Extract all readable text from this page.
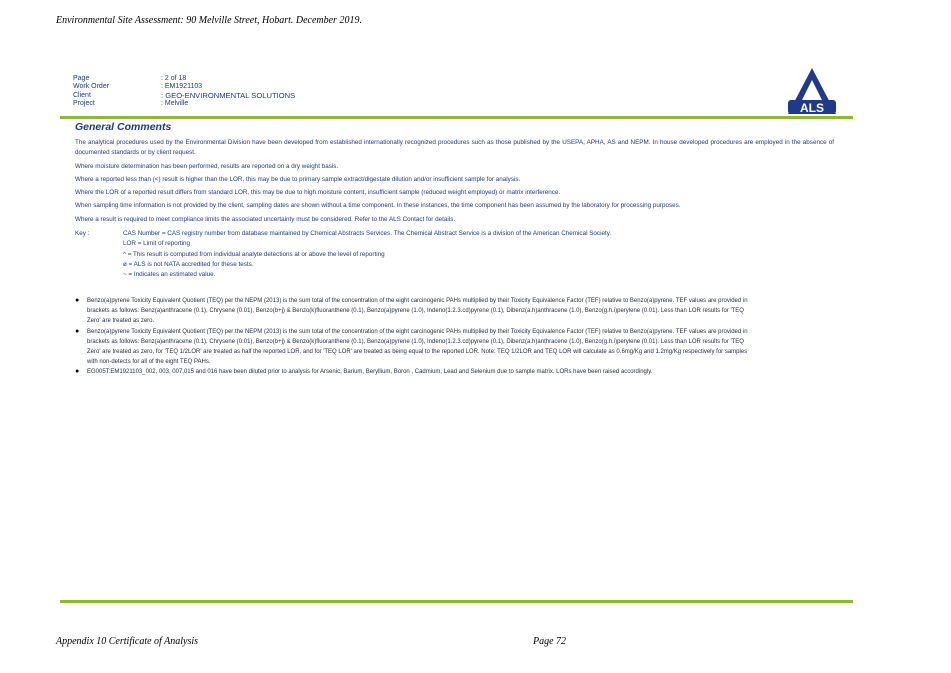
Environmental Site Assessment: 90 Melville Street, Hobart. December 2019.
Page	: 2 of 18
Work Order	: EM1921103
Client	: GEO-ENVIRONMENTAL SOLUTIONS
Project	: Melville	ALS
General Comments

The analytical procedures used by the Environmental Division have been developed from established internationally recognized procedures such as those published by the USEPA, APHA, AS and NEPM. In house developed procedures are employed in the absence of documented standards or by client request.

Where moisture determination has been performed, results are reported on a dry weight basis.

Where a reported less than (<) result is higher than the LOR, this may be due to primary sample extract/digestate dilution and/or insufficient sample for analysis.

Where the LOR of a reported result differs from standard LOR, this may be due to high moisture content, insufficient sample (reduced weight employed) or matrix interference.

When sampling time information is not provided by the client, sampling dates are shown without a time component. In these instances, the time component has been assumed by the laboratory for processing purposes.

Where a result is required to meet compliance limits the associated uncertainty must be considered. Refer to the ALS Contact for details.

Key :	CAS Number = CAS registry number from database maintained by Chemical Abstracts Services. The Chemical Abstract Service is a division of the American Chemical Society.
LOR = Limit of reporting
^ = This result is computed from individual analyte detections at or above the level of reporting
ø = ALS is not NATA accredited for these tests.
~ = Indicates an estimated value.
● Benzo(a)pyrene Toxicity Equivalent Quotient (TEQ) per the NEPM (2013) is the sum total of the concentration of the eight carcinogenic PAHs multiplied by their Toxicity Equivalence Factor (TEF) relative to Benzo(a)pyrene. TEF values are provided in brackets as follows: Benz(a)anthracene (0.1), Chrysene (0.01), Benzo(b+j) & Benzo(k)fluoranthene (0.1), Benzo(a)pyrene (1.0), Indeno(1.2.3.cd)pyrene (0.1), Dibenz(a.h)anthracene (1.0), Benzo(g.h.i)perylene (0.01). Less than LOR results for 'TEQ Zero' are treated as zero.
● Benzo(a)pyrene Toxicity Equivalent Quotient (TEQ) per the NEPM (2013) is the sum total of the concentration of the eight carcinogenic PAHs multiplied by their Toxicity Equivalence Factor (TEF) relative to Benzo(a)pyrene. TEF values are provided in brackets as follows: Benz(a)anthracene (0.1), Chrysene (0.01), Benzo(b+j) & Benzo(k)fluoranthene (0.1), Benzo(a)pyrene (1.0), Indeno(1.2.3.cd)pyrene (0.1), Dibenz(a.h)anthracene (1.0), Benzo(g.h.i)perylene (0.01). Less than LOR results for 'TEQ Zero' are treated as zero, for 'TEQ 1/2LOR' are treated as half the reported LOR, and for 'TEQ LOR' are treated as being equal to the reported LOR. Note: TEQ 1/2LOR and TEQ LOR will calculate as 0.6mg/Kg and 1.2mg/Kg respectively for samples with non-detects for all of the eight TEQ PAHs.
● EG005T:EM1921103_002, 003, 007,015 and 016 have been diluted prior to analysis for Arsenic, Barium, Beryllium, Boron , Cadmium, Lead and Selenium due to sample matrix. LORs have been raised accordingly.
Appendix 10 Certificate of Analysis	Page 72
